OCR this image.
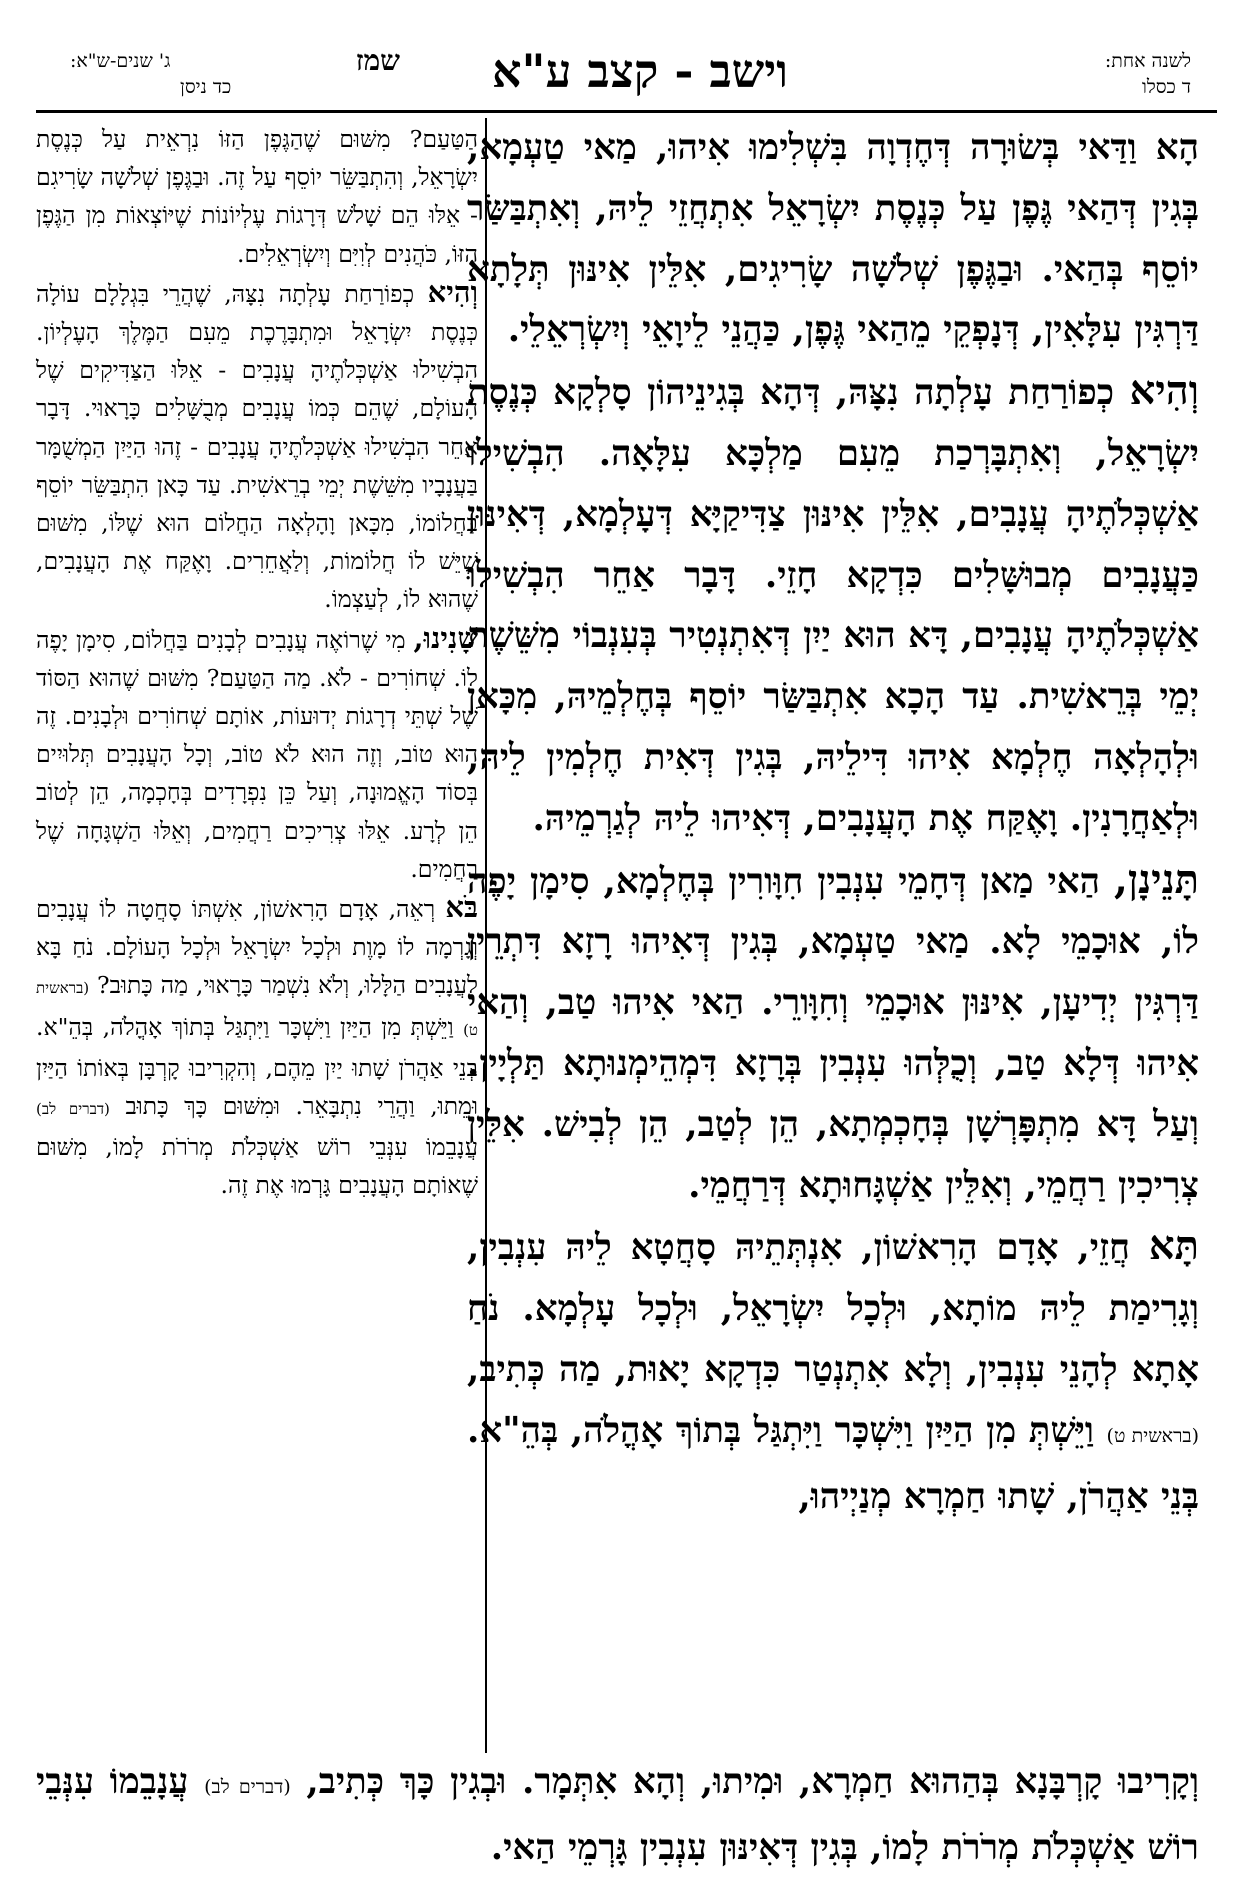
לשנה אחת:
ד כסלו
וישב - קצב ע"א
שמז
ג' שנים-ש"א:
כד ניסן

הָא וַדַּאי בְּשׂוּרָה דְּחֶדְוָה בִּשְׁלִימוּ אִיהוּ, מַאי טַעְמָא, בְּגִין דְּהַאי גֶּפֶן עַל כְּנֶסֶת יִשְׂרָאֵל אִתְחֲזֵי לֵיהּ, וְאִתְבַּשַּׂר יוֹסֵף בְּהַאי. וּבַגֶּפֶן שְׁלֹשָׁה שָׂרִיגִים, אִלֵּין אִינּוּן תְּלָתָא דַּרְגִּין עִלָּאִין, דְּנָפְקֵי מֵהַאי גֶּפֶן, כַּהֲנֵי לֵיוָאֵי וְיִשְׂרְאֵלֵי.

וְהִיא כְפוֹרַחַת עָלְתָה נִצָּהּ, דְּהָא בְּגִינֵיהוֹן סָלְקָא כְּנֶסֶת יִשְׂרָאֵל, וְאִתְבָּרְכַת מֵעִם מַלְכָּא עִלָּאָה. הִבְשִׁילוּ אַשְׁכְּלֹתֶיהָ עֲנָבִים, אִלֵּין אִינּוּן צַדִּיקַיָּא דְּעָלְמָא, דְּאִינּוּן כַּעֲנָבִים מְבוּשָּׁלִים כִּדְקָא חָזֵי. דָּבָר אַחֵר הִבְשִׁילוּ אַשְׁכְּלֹתֶיהָ עֲנָבִים, דָּא הוּא יַיִן דְּאִתְנְטִיר בְּעִנְבוֹי מִשֵּׁשֶׁת יְמֵי בְּרֵאשִׁית. עַד הָכָא אִתְבַּשַּׂר יוֹסֵף בְּחֶלְמֵיהּ, מִכָּאן וּלְהָלְאָה חֶלְמָא אִיהוּ דִּילֵיהּ, בְּגִין דְּאִית חֶלְמִין לֵיהּ, וּלְאַחֲרָנִין. וָאֶקַּח אֶת הָעֲנָבִים, דְּאִיהוּ לֵיהּ לְגַרְמֵיהּ.

תָּנֵינָן, הַאי מַאן דְּחָמֵי עִנְבִין חִוָּורִין בְּחֶלְמָא, סִימָן יָפֶה לוֹ, אוּכָמֵי לָא. מַאי טַעְמָא, בְּגִין דְּאִיהוּ רָזָא דִּתְרֵין דַּרְגִּין יְדִיעָן, אִינּוּן אוּכָמֵי וְחִוָּורֵי. הַאי אִיהוּ טַב, וְהַאי אִיהוּ דְּלָא טַב, וְכֻלְּהוּ עִנְבִין בְּרָזָא דִּמְהֵימְנוּתָא תַּלְיָין. וְעַל דָּא מִתְפָּרְשָׁן בְּחָכְמְתָא, הֵן לְטַב, הֵן לְבִישׁ. אִלֵּין צְרִיכִין רַחֲמֵי, וְאִלֵּין אַשְׁגָּחוּתָא דְּרַחֲמֵי.

תָּא חֲזֵי, אָדָם הָרִאשׁוֹן, אִנְתְּתֵיהּ סָחֲטָא לֵיהּ עִנְבִין, וְגָרִימַת לֵיהּ מוֹתָא, וּלְכָל יִשְׂרָאֵל, וּלְכָל עָלְמָא. נֹחַ אָתָא לְהָנֵי עִנְבִין, וְלָא אִתְנְטַר כִּדְקָא יָאוּת, מַה כְּתִיב, (בראשית ט) וַיֵּשְׁתְּ מִן הַיַּיִן וַיִּשְׁכָּר וַיִּתְגַּל בְּתוֹךְ אָהֳלֹה, בְּהֵ"א. בְּנֵי אַהֲרֹן, שָׁתוּ חַמְרָא מְנַיְיהוּ,

הַטַּעַם? מִשּׁוּם שֶׁהַגֶּפֶן הַזּוֹ נִרְאֵית עַל כְּנֶסֶת יִשְׂרָאֵל, וְהִתְבַּשֵּׂר יוֹסֵף עַל זֶה. וּבַגֶּפֶן שְׁלֹשָׁה שָׂרִיגִם - אֵלּוּ הֵם שָׁלֹשׁ דְּרָגוֹת עֶלְיוֹנוֹת שֶׁיּוֹצְאוֹת מִן הַגֶּפֶן הַזּוֹ, כֹּהֲנִים לְוִיִּם וְיִשְׂרְאֵלִים.

וְהִיא כְפוֹרַחַת עָלְתָה נִצָּהּ, שֶׁהֲרֵי בִּגְלָלָם עוֹלָה כְּנֶסֶת יִשְׂרָאֵל וּמִתְבָּרֶכֶת מֵעִם הַמֶּלֶךְ הָעֶלְיוֹן. הִבְשִׁילוּ אַשְׁכְּלֹתֶיהָ עֲנָבִים - אֵלּוּ הַצַּדִּיקִים שֶׁל הָעוֹלָם, שֶׁהֵם כְּמוֹ עֲנָבִים מְבֻשָּׁלִים כָּרָאוּי. דָּבָר אַחֵר הִבְשִׁילוּ אַשְׁכְּלֹתֶיהָ עֲנָבִים - זֶהוּ הַיַּיִן הַמְשֻׁמָּר בַּעֲנָבָיו מִשֵּׁשֶׁת יְמֵי בְרֵאשִׁית. עַד כָּאן הִתְבַּשֵּׂר יוֹסֵף בַּחֲלוֹמוֹ, מִכָּאן וָהָלְאָה הַחֲלוֹם הוּא שֶׁלּוֹ, מִשּׁוּם שֶׁיֵּשׁ לוֹ חֲלוֹמוֹת, וְלַאֲחֵרִים. וָאֶקַּח אֶת הָעֲנָבִים, שֶׁהוּא לוֹ, לְעַצְמוֹ.

שָׁנִינוּ, מִי שֶׁרוֹאֶה עֲנָבִים לְבָנִים בַּחֲלוֹם, סִימָן יָפֶה לוֹ. שְׁחוֹרִים - לֹא. מַה הַטַּעַם? מִשּׁוּם שֶׁהוּא הַסּוֹד שֶׁל שְׁתֵּי דְרָגוֹת יְדוּעוֹת, אוֹתָם שְׁחוֹרִים וּלְבָנִים. זֶה הוּא טוֹב, וְזֶה הוּא לֹא טוֹב, וְכָל הָעֲנָבִים תְּלוּיִים בְּסוֹד הָאֱמוּנָה, וְעַל כֵּן נִפְרָדִים בְּחָכְמָה, הֵן לְטוֹב הֵן לְרָע. אֵלּוּ צְרִיכִים רַחֲמִים, וְאֵלּוּ הַשְׁגָּחָה שֶׁל רַחֲמִים.

בֹּא רְאֵה, אָדָם הָרִאשׁוֹן, אִשְׁתּוֹ סָחֲטָה לוֹ עֲנָבִים וְגָרְמָה לוֹ מָוֶת וּלְכָל יִשְׂרָאֵל וּלְכָל הָעוֹלָם. נֹחַ בָּא לָעֲנָבִים הַלָּלוּ, וְלֹא נִשְׁמַר כָּרָאוּי, מַה כָּתוּב? (בראשית ט) וַיֵּשְׁתְּ מִן הַיַּיִן וַיִּשְׁכָּר וַיִּתְגַּל בְּתוֹךְ אָהֳלֹה, בְּהֵ"א. בְּנֵי אַהֲרֹן שָׁתוּ יַיִן מֵהֶם, וְהִקְרִיבוּ קָרְבָּן בְּאוֹתוֹ הַיַּיִן וּמֵתוּ, וַהֲרֵי נִתְבָּאֵר. וּמִשּׁוּם כָּךְ כָּתוּב (דברים לב) עֲנָבֵמוֹ עִנְּבֵי רוֹשׁ אַשְׁכְּלֹת מְרֹרֹת לָמוֹ, מִשּׁוּם שֶׁאוֹתָם הָעֲנָבִים גָּרְמוּ אֶת זֶה.

וְקָרִיבוּ קָרְבָּנָא בְּהַהוּא חַמְרָא, וּמִיתוּ, וְהָא אִתְּמָר. וּבְגִין כָּךְ כְּתִיב, (דברים לב) עֲנָבֵמוֹ עִנְּבֵי רוֹשׁ אַשְׁכְּלֹת מְרֹרֹת לָמוֹ, בְּגִין דְּאִינּוּן עִנְבִין גָּרְמֵי הַאי.
